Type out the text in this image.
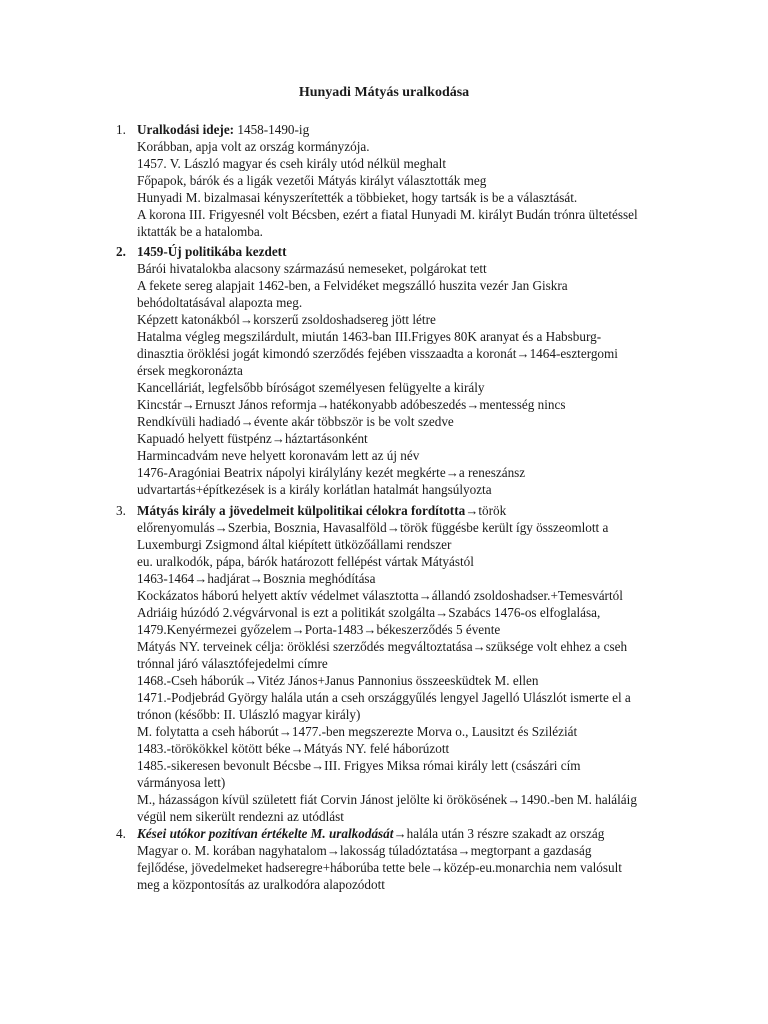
Hunyadi Mátyás uralkodása
1. Uralkodási ideje: 1458-1490-ig
Korábban, apja volt az ország kormányzója.
1457. V. László magyar és cseh király utód nélkül meghalt
Főpapok, bárók és a ligák vezetői Mátyás királyt választották meg
Hunyadi M. bizalmasai kényszerítették a többieket, hogy tartsák is be a választását.
A korona III. Frigyesnél volt Bécsben, ezért a fiatal Hunyadi M. királyt Budán trónra ültetéssel
iktatták be a hatalomba.
2. 1459-Új politikába kezdett
Bárói hivatalokba alacsony származású nemeseket, polgárokat tett
A fekete sereg alapjait 1462-ben, a Felvidéket megszálló huszita vezér Jan Giskra
behódoltatásával alapozta meg.
Képzett katonákból→korszerű zsoldoshadsereg jött létre
Hatalma végleg megszilárdult, miután 1463-ban III.Frigyes 80K aranyat és a Habsburg-
dinasztia öröklési jogát kimondó szerződés fejében visszaadta a koronát→1464-esztergomi
érsek megkoronázta
Kancelláriát, legfelsőbb bíróságot személyesen felügyelte a király
Kincstár→Ernuszt János reformja→hatékonyabb adóbeszedés→mentesség nincs
Rendkívüli hadiadó→évente akár többször is be volt szedve
Kapuadó helyett füstpénz→háztartásonként
Harmincadvám neve helyett koronavám lett az új név
1476-Aragóniai Beatrix nápolyi királylány kezét megkérte→a reneszánsz
udvartartás+építkezések is a király korlátlan hatalmát hangsúlyozta
3. Mátyás király a jövedelmeit külpolitikai célokra fordította→török
előrenyomulás→Szerbia, Bosznia, Havasalföld→török függésbe került így összeomlott a
Luxemburgi Zsigmond által kiépített ütközőállami rendszer
eu. uralkodók, pápa, bárók határozott fellépést vártak Mátyástól
1463-1464→hadjárat→Bosznia meghódítása
Kockázatos háború helyett aktív védelmet választotta→állandó zsoldoshadser.+Temesvártól
Adriáig húzódó 2.végvárvonal is ezt a politikát szolgálta→Szabács 1476-os elfoglalása,
1479.Kenyérmezei győzelem→Porta-1483→békeszerződés 5 évente
Mátyás NY. terveinek célja: öröklési szerződés megváltoztatása→szüksége volt ehhez a cseh
trónnal járó választófejedelmi címre
1468.-Cseh háborúk→Vitéz János+Janus Pannonius összeesküdtek M. ellen
1471.-Podjebrád György halála után a cseh országgyűlés lengyel Jagelló Ulászlót ismerte el a
trónon (később: II. Ulászló magyar király)
M. folytatta a cseh háborút→1477.-ben megszerezte Morva o., Lausitzt és Sziléziát
1483.-törökökkel kötött béke→Mátyás NY. felé háborúzott
1485.-sikeresen bevonult Bécsbe→III. Frigyes Miksa római király lett (császári cím
vármányosa lett)
M., házasságon kívül született fiát Corvin Jánost jelölte ki örökösének→1490.-ben M. haláláig
végül nem sikerült rendezni az utódlást
4. Kései utókor pozitívan értékelte M. uralkodását→halála után 3 részre szakadt az ország
Magyar o. M. korában nagyhatalom→lakosság túladóztatása→megtorpant a gazdaság
fejlődése, jövedelmeket hadseregre+háborúba tette bele→közép-eu.monarchia nem valósult
meg a központosítás az uralkodóra alapozódott
